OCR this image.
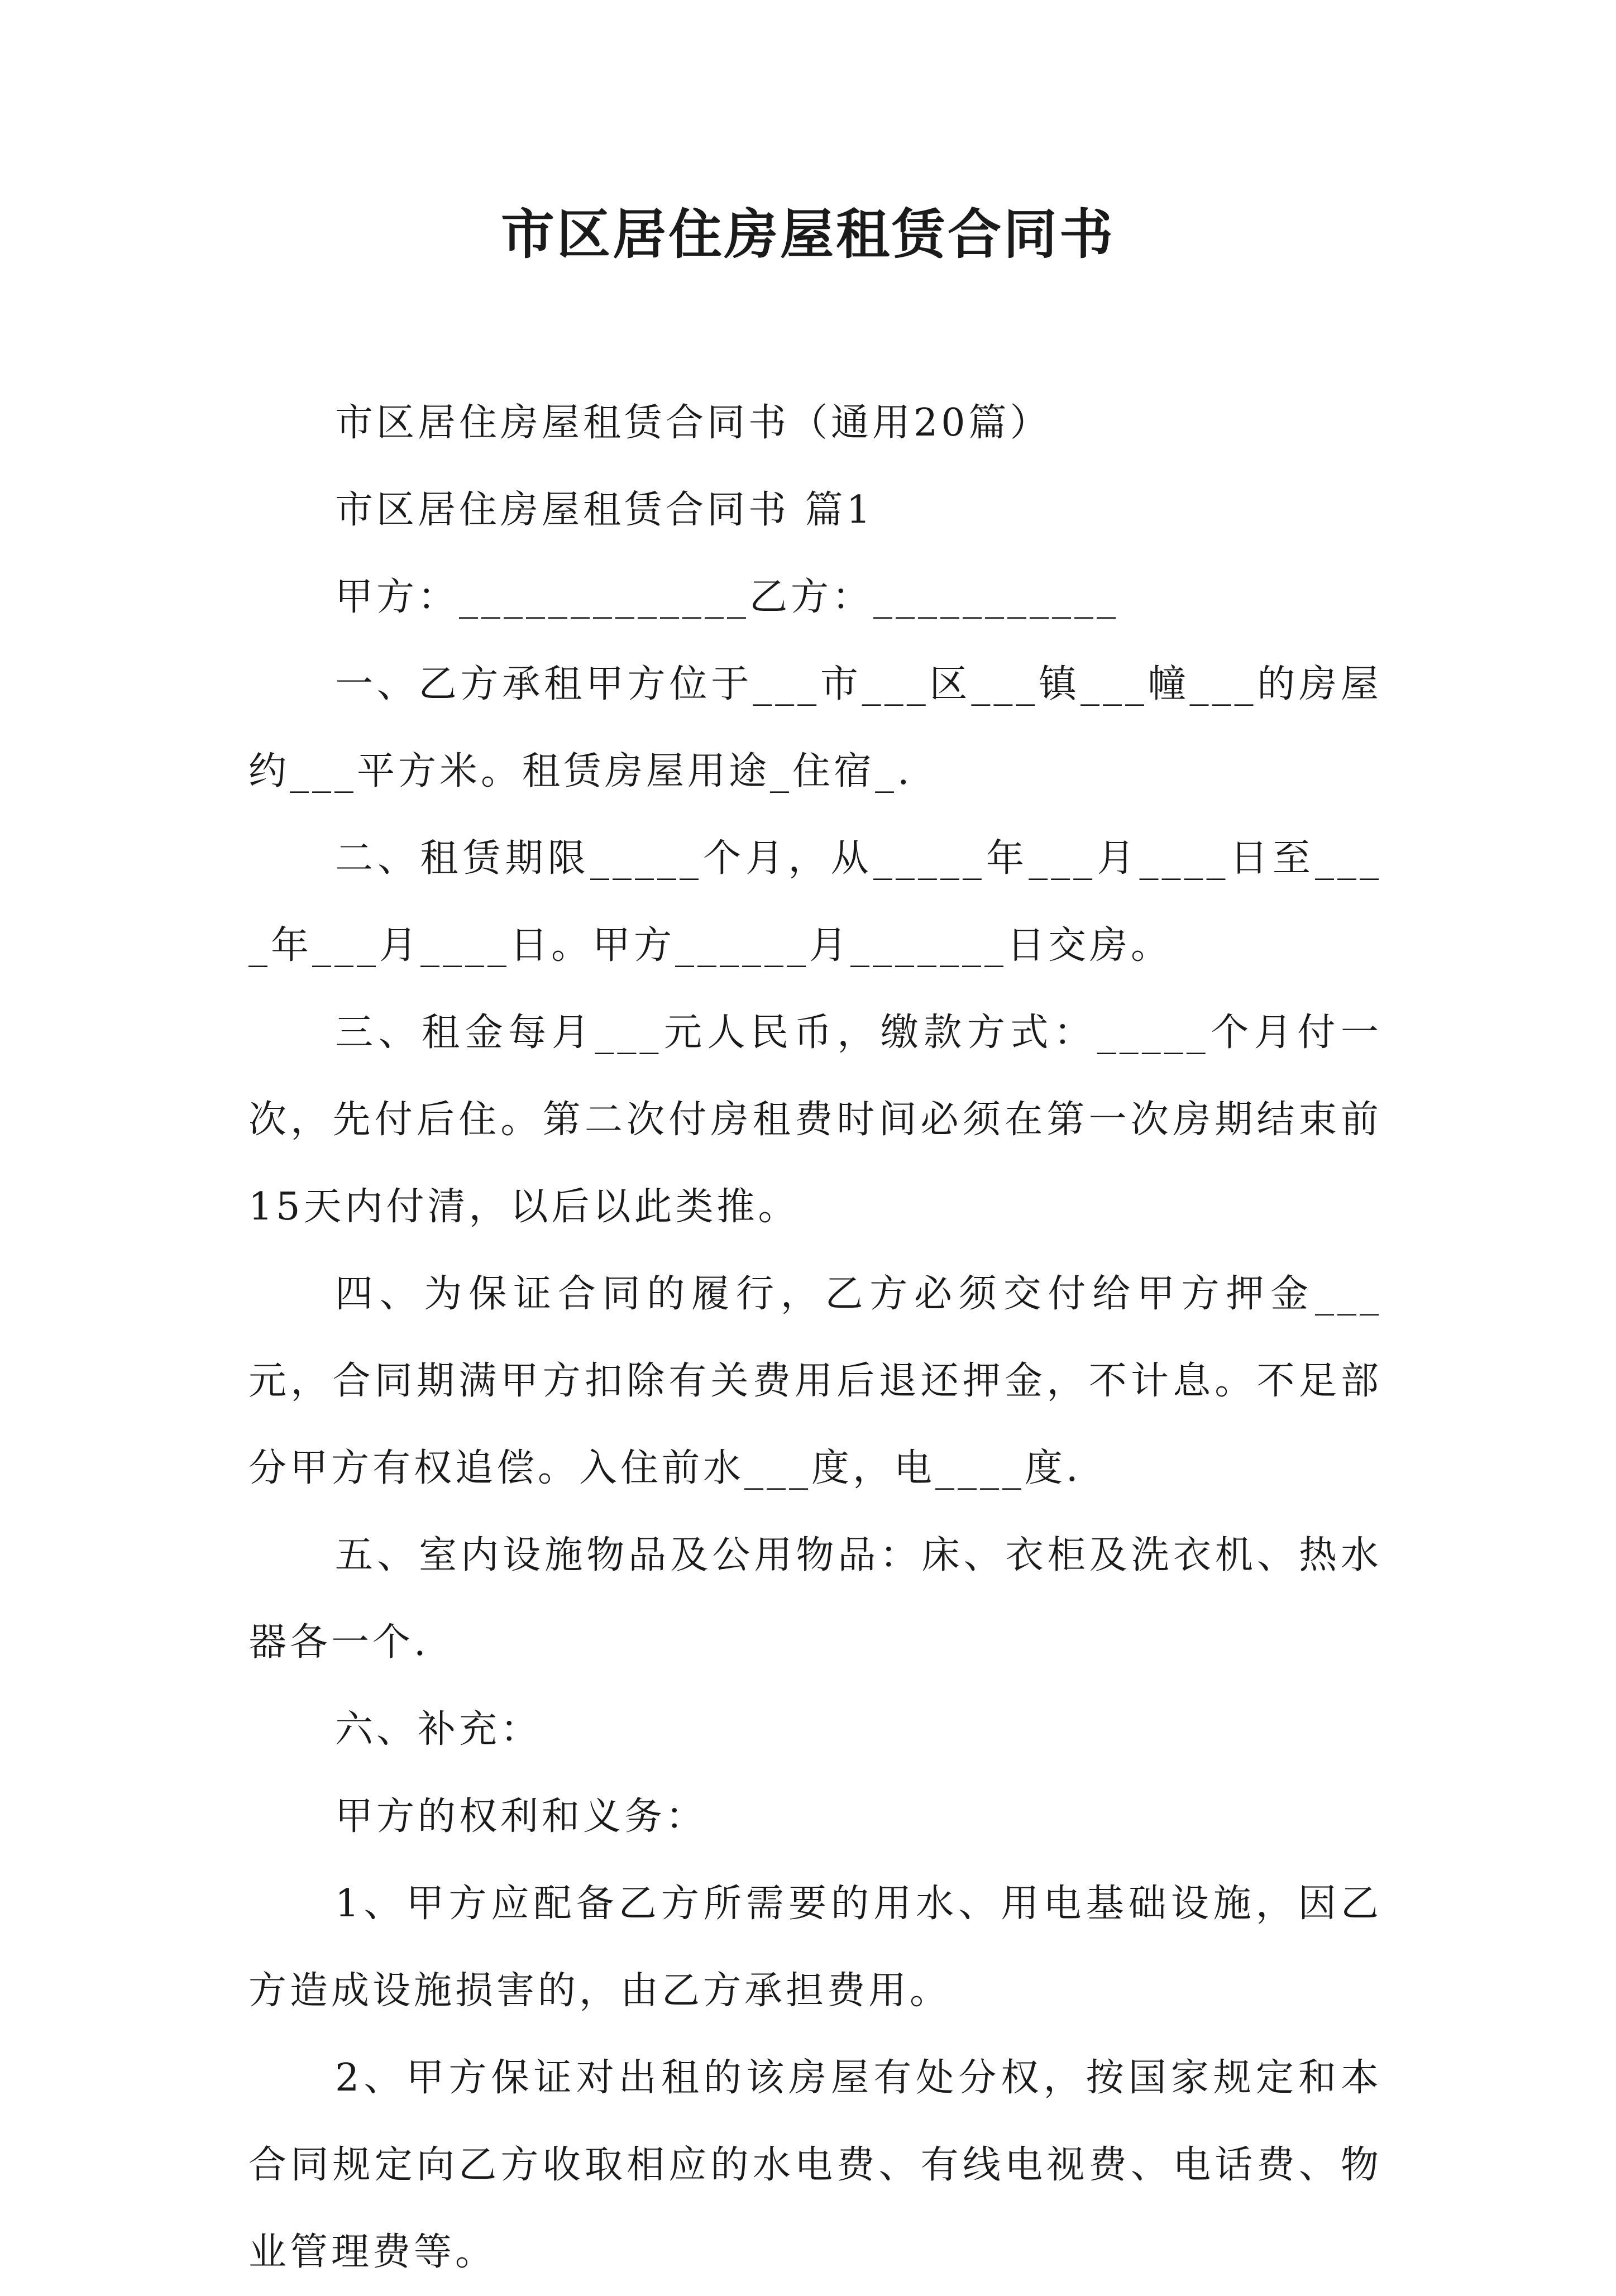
市区居住房屋租赁合同书

市区居住房屋租赁合同书（通用20篇）

市区居住房屋租赁合同书 篇1

甲方：_____________乙方：___________

一、乙方承租甲方位于___市___区___镇___幢___的房屋约___平方米。租赁房屋用途_住宿_.

二、租赁期限_____个月，从_____年___月____日至____年___月____日。甲方______月_______日交房。

三、租金每月___元人民币，缴款方式：_____个月付一次，先付后住。第二次付房租费时间必须在第一次房期结束前15天内付清，以后以此类推。

四、为保证合同的履行，乙方必须交付给甲方押金___元，合同期满甲方扣除有关费用后退还押金，不计息。不足部分甲方有权追偿。入住前水___度，电____度.

五、室内设施物品及公用物品：床、衣柜及洗衣机、热水器各一个.

六、补充：

甲方的权利和义务：

1、甲方应配备乙方所需要的用水、用电基础设施，因乙方造成设施损害的，由乙方承担费用。

2、甲方保证对出租的该房屋有处分权，按国家规定和本合同规定向乙方收取相应的水电费、有线电视费、电话费、物业管理费等。
